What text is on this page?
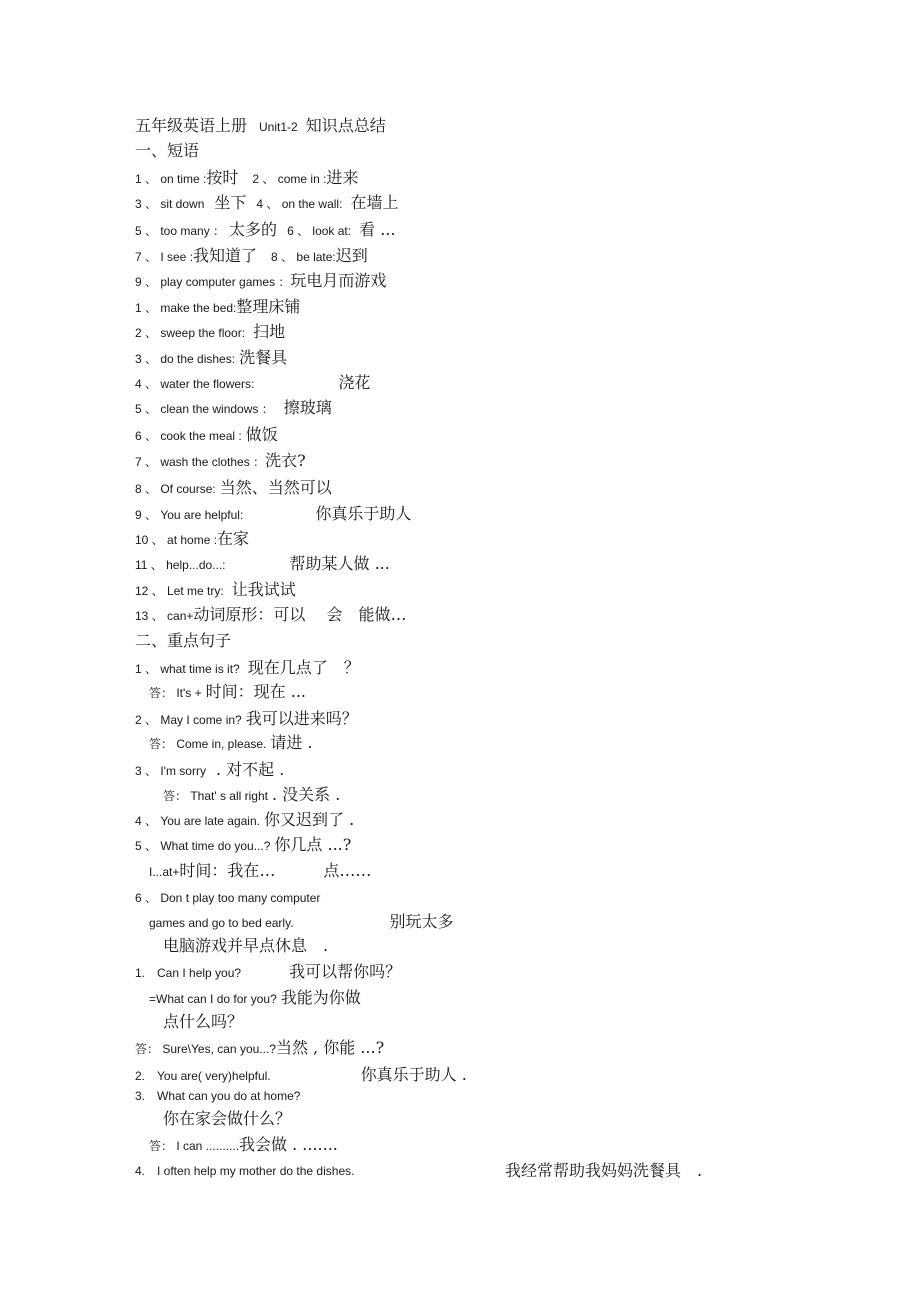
五年级英语上册 Unit1-2 知识点总结
一、短语
1 、 on time :按时 2 、 come in :进来
3 、 sit down 坐下 4 、 on the wall: 在墙上
5 、 too many ： 太多的 6 、 look at: 看 ...
7 、 I see :我知道了 8 、 be late:迟到
9 、 play computer games ：玩电月而游戏
1 、 make the bed:整理床铺
2 、 sweep the floor: 扫地
3 、 do the dishes: 洗餐具
4 、 water the flowers:	浇花
5 、 clean the windows ： 擦玻璃
6 、 cook the meal : 做饭
7 、 wash the clothes ：洗衣?
8 、 Of course: 当然、当然可以
9 、 You are helpful:	你真乐于助人
10 、 at home :在家
11 、 help...do...:	帮助某人做 ...
12 、 Let me try: 让我试试
13 、 can+动词原形：可以　 会　能做…
二、重点句子
1 、 what time is it? 现在几点了　？
答： It's + 时间：现在 ...
2 、 May I come in? 我可以进来吗？
答： Come in, please. 请进 .
3 、 I'm sorry . 对不起 .
答： That' s all right . 没关系 .
4 、 You are late again. 你又迟到了 .
5 、 What time do you...? 你几点 ...?
I...at+时间：我在…　　　点……
6 、 Don t play too many computer
games and go to bed early.	别玩太多
电脑游戏并早点休息　.
1.　Can I help you?	我可以帮你吗？
=What can I do for you? 我能为你做
点什么吗？
答： Sure\Yes, can you...?当然 , 你能 ...?
2.　You are( very)helpful.	你真乐于助人 .
3.　What can you do at home?
你在家会做什么？
答： I can ..........我会做 . .......
4.　I often help my mother do the dishes.	我经常帮助我妈妈洗餐具　.
